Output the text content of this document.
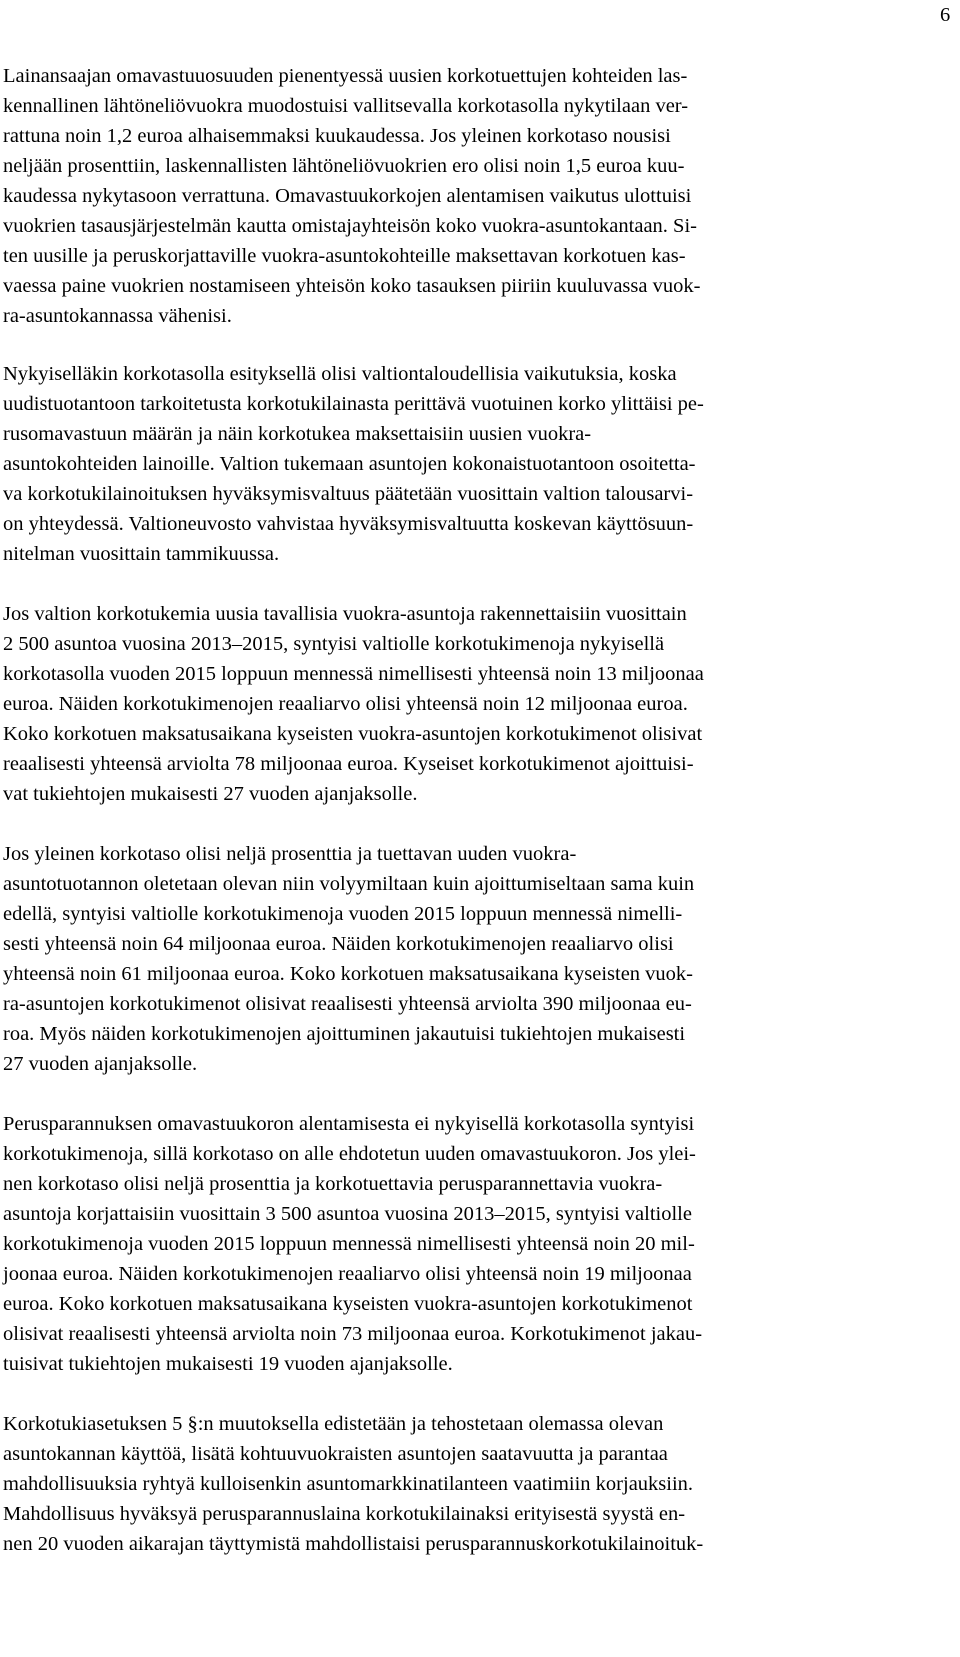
6
Lainansaajan omavastuuosuuden pienentyessä uusien korkotuettujen kohteiden las-
kennallinen lähtöneliövuokra muodostuisi vallitsevalla korkotasolla nykytilaan ver-
rattuna noin 1,2 euroa alhaisemmaksi kuukaudessa. Jos yleinen korkotaso nousisi
neljään prosenttiin, laskennallisten lähtöneliövuokrien ero olisi noin 1,5 euroa kuu-
kaudessa nykytasoon verrattuna. Omavastuukorkojen alentamisen vaikutus ulottuisi
vuokrien tasausjärjestelmän kautta omistajayhteisön koko vuokra-asuntokantaan. Si-
ten uusille ja peruskorjattaville vuokra-asuntokohteille maksettavan korkotuen kas-
vaessa paine vuokrien nostamiseen yhteisön koko tasauksen piiriin kuuluvassa vuok-
ra-asuntokannassa vähenisi.
Nykyiselläkin korkotasolla esityksellä olisi valtiontaloudellisia vaikutuksia, koska
uudistuotantoon tarkoitetusta korkotukilainasta perittävä vuotuinen korko ylittäisi pe-
rusomavastuun määrän ja näin korkotukea maksettaisiin uusien vuokra-
asuntokohteiden lainoille. Valtion tukemaan asuntojen kokonaistuotantoon osoitetta-
va korkotukilainoituksen hyväksymisvaltuus päätetään vuosittain valtion talousarvi-
on yhteydessä. Valtioneuvosto vahvistaa hyväksymisvaltuutta koskevan käyttösuun-
nitelman vuosittain tammikuussa.
Jos valtion korkotukemia uusia tavallisia vuokra-asuntoja rakennettaisiin vuosittain
2 500 asuntoa vuosina 2013–2015, syntyisi valtiolle korkotukimenoja nykyisellä
korkotasolla vuoden 2015 loppuun mennessä nimellisesti yhteensä noin 13 miljoonaa
euroa. Näiden korkotukimenojen reaaliarvo olisi yhteensä noin 12 miljoonaa euroa.
Koko korkotuen maksatusaikana kyseisten vuokra-asuntojen korkotukimenot olisivat
reaalisesti yhteensä arviolta 78 miljoonaa euroa. Kyseiset korkotukimenot ajoittuisi-
vat tukiehtojen mukaisesti 27 vuoden ajanjaksolle.
Jos yleinen korkotaso olisi neljä prosenttia ja tuettavan uuden vuokra-
asuntotuotannon oletetaan olevan niin volyymiltaan kuin ajoittumiseltaan sama kuin
edellä, syntyisi valtiolle korkotukimenoja vuoden 2015 loppuun mennessä nimelli-
sesti yhteensä noin 64 miljoonaa euroa. Näiden korkotukimenojen reaaliarvo olisi
yhteensä noin 61 miljoonaa euroa. Koko korkotuen maksatusaikana kyseisten vuok-
ra-asuntojen korkotukimenot olisivat reaalisesti yhteensä arviolta 390 miljoonaa eu-
roa. Myös näiden korkotukimenojen ajoittuminen jakautuisi tukiehtojen mukaisesti
27 vuoden ajanjaksolle.
Perusparannuksen omavastuukoron alentamisesta ei nykyisellä korkotasolla syntyisi
korkotukimenoja, sillä korkotaso on alle ehdotetun uuden omavastuukoron. Jos ylei-
nen korkotaso olisi neljä prosenttia ja korkotuettavia perusparannettavia vuokra-
asuntoja korjattaisiin vuosittain 3 500 asuntoa vuosina 2013–2015, syntyisi valtiolle
korkotukimenoja vuoden 2015 loppuun mennessä nimellisesti yhteensä noin 20 mil-
joonaa euroa. Näiden korkotukimenojen reaaliarvo olisi yhteensä noin 19 miljoonaa
euroa. Koko korkotuen maksatusaikana kyseisten vuokra-asuntojen korkotukimenot
olisivat reaalisesti yhteensä arviolta noin 73 miljoonaa euroa. Korkotukimenot jakau-
tuisivat tukiehtojen mukaisesti 19 vuoden ajanjaksolle.
Korkotukiasetuksen 5 §:n muutoksella edistetään ja tehostetaan olemassa olevan
asuntokannan käyttöä, lisätä kohtuuvuokraisten asuntojen saatavuutta ja parantaa
mahdollisuuksia ryhtyä kulloisenkin asuntomarkkinatilanteen vaatimiin korjauksiin.
Mahdollisuus hyväksyä perusparannuslaina korkotukilainaksi erityisestä syystä en-
nen 20 vuoden aikarajan täyttymistä mahdollistaisi perusparannuskorkotukilainoituk-
